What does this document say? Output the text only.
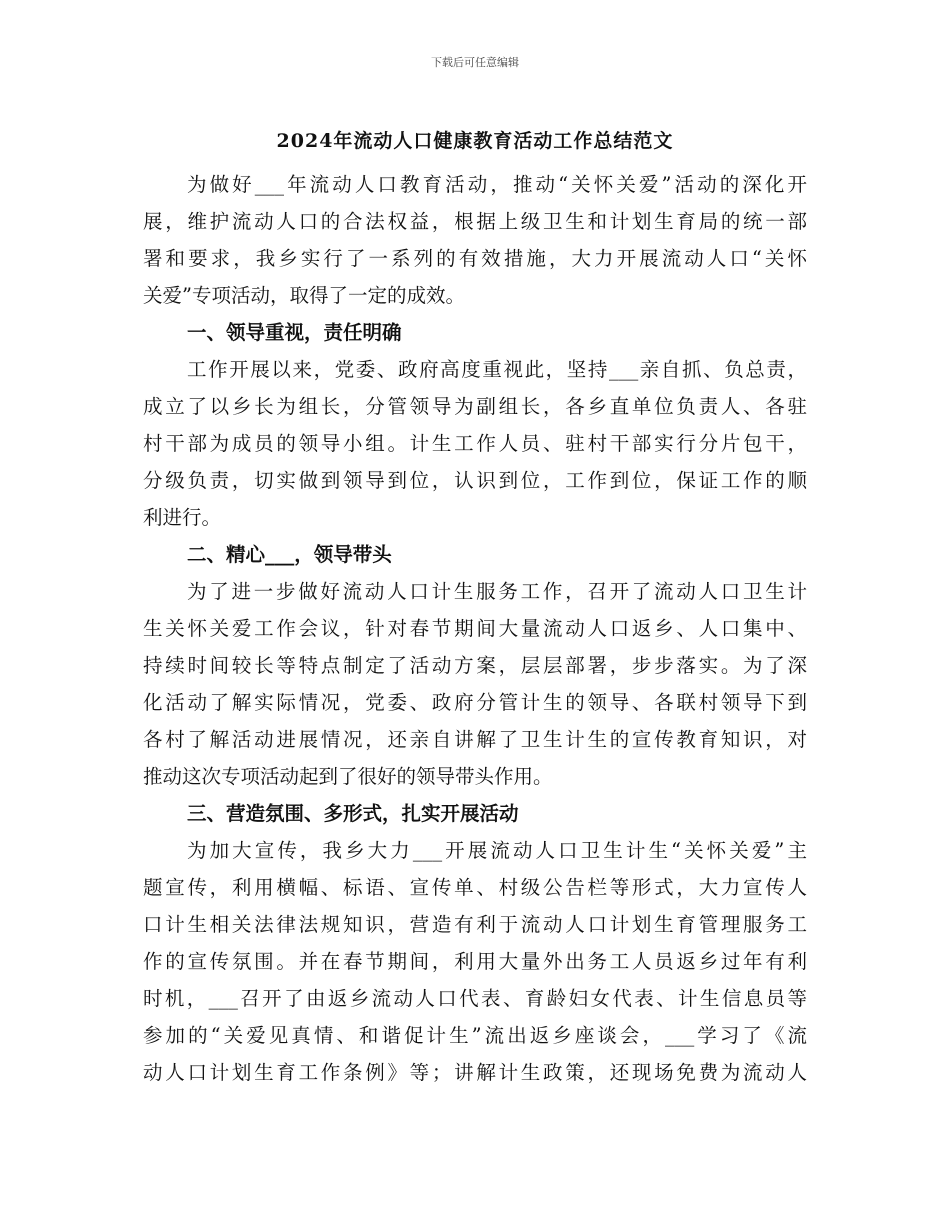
下载后可任意编辑
2024年流动人口健康教育活动工作总结范文
为做好___年流动人口教育活动，推动“关怀关爱”活动的深化开
展，维护流动人口的合法权益，根据上级卫生和计划生育局的统一部
署和要求，我乡实行了一系列的有效措施，大力开展流动人口“关怀
关爱”专项活动，取得了一定的成效。
一、领导重视，责任明确
工作开展以来，党委、政府高度重视此，坚持___亲自抓、负总责，
成立了以乡长为组长，分管领导为副组长，各乡直单位负责人、各驻
村干部为成员的领导小组。计生工作人员、驻村干部实行分片包干，
分级负责，切实做到领导到位，认识到位，工作到位，保证工作的顺
利进行。
二、精心___，领导带头
为了进一步做好流动人口计生服务工作，召开了流动人口卫生计
生关怀关爱工作会议，针对春节期间大量流动人口返乡、人口集中、
持续时间较长等特点制定了活动方案，层层部署，步步落实。为了深
化活动了解实际情况，党委、政府分管计生的领导、各联村领导下到
各村了解活动进展情况，还亲自讲解了卫生计生的宣传教育知识，对
推动这次专项活动起到了很好的领导带头作用。
三、营造氛围、多形式，扎实开展活动
为加大宣传，我乡大力___开展流动人口卫生计生“关怀关爱”主
题宣传，利用横幅、标语、宣传单、村级公告栏等形式，大力宣传人
口计生相关法律法规知识，营造有利于流动人口计划生育管理服务工
作的宣传氛围。并在春节期间，利用大量外出务工人员返乡过年有利
时机，___召开了由返乡流动人口代表、育龄妇女代表、计生信息员等
参加的“关爱见真情、和谐促计生”流出返乡座谈会，___学习了《流
动人口计划生育工作条例》等；讲解计生政策，还现场免费为流动人
